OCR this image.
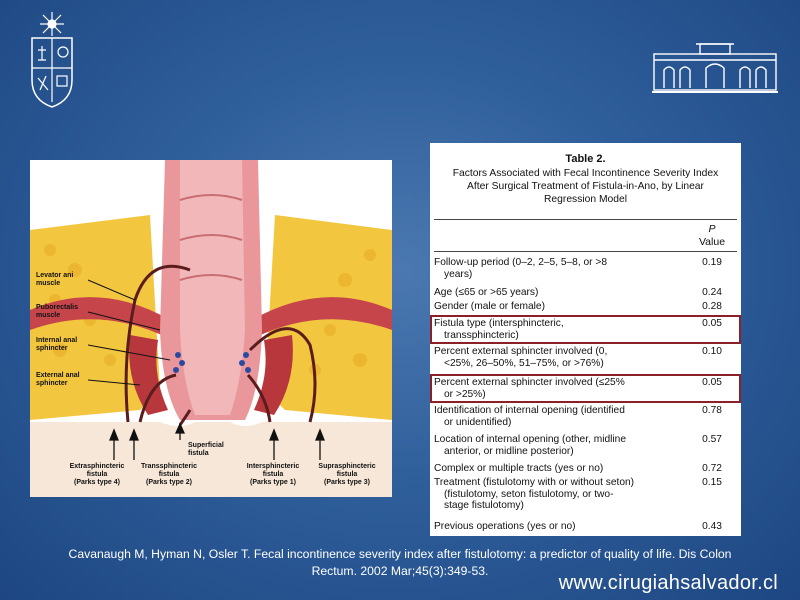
Levator ani
muscle
Puborectalis
muscle
Internal anal
sphincter
External anal
sphincter
Superficial
fistula
Extrasphincteric
fistula
(Parks type 4)
Transsphincteric
fistula
(Parks type 2)
Intersphincteric
fistula
(Parks type 1)
Suprasphincteric
fistula
(Parks type 3)
Table 2.
Factors Associated with Fecal Incontinence Severity Index After Surgical Treatment of Fistula-in-Ano, by Linear Regression Model
P
Value
Follow-up period (0–2, 2–5, 5–8, or >8
years)
0.19
Age (≤65 or >65 years)	0.24
Gender (male or female)	0.28
Fistula type (intersphincteric,
transsphincteric)
0.05
Percent external sphincter involved (0,
<25%, 26–50%, 51–75%, or >76%)
0.10
Percent external sphincter involved (≤25%
or >25%)
0.05
Identification of internal opening (identified
or unidentified)
0.78
Location of internal opening (other, midline
anterior, or midline posterior)
0.57
Complex or multiple tracts (yes or no)	0.72
Treatment (fistulotomy with or without seton)
(fistulotomy, seton fistulotomy, or two-
stage fistulotomy)
0.15
Previous operations (yes or no)	0.43
Cavanaugh M, Hyman N, Osler T. Fecal incontinence severity index after fistulotomy: a predictor of quality of life. Dis Colon
Rectum. 2002 Mar;45(3):349-53.
www.cirugiahsalvador.cl
